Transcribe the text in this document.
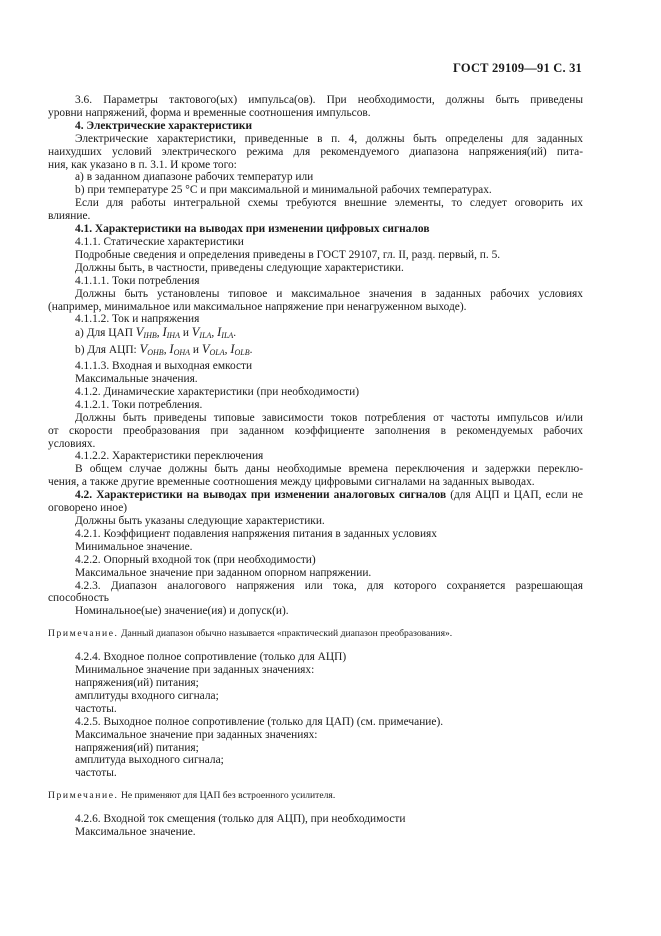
ГОСТ 29109—91 С. 31

3.6. Параметры тактового(ых) импульса(ов). При необходимости, должны быть приведены

уровни напряжений, форма и временные соотношения импульсов.

4. Электрические характеристики

Электрические характеристики, приведенные в п. 4, должны быть определены для заданных

наихудших условий электрического режима для рекомендуемого диапазона напряжения(ий) пита-

ния, как указано в п. 3.1. И кроме того:

a) в заданном диапазоне рабочих температур или

b) при температуре 25 °C и при максимальной и минимальной рабочих температурах.

Если для работы интегральной схемы требуются внешние элементы, то следует оговорить их

влияние.

4.1. Характеристики на выводах при изменении цифровых сигналов

4.1.1. Статические характеристики

Подробные сведения и определения приведены в ГОСТ 29107, гл. II, разд. первый, п. 5.

Должны быть, в частности, приведены следующие характеристики.

4.1.1.1. Токи потребления

Должны быть установлены типовое и максимальное значения в заданных рабочих условиях

(например, минимальное или максимальное напряжение при ненагруженном выходе).

4.1.1.2. Ток и напряжения

a) Для ЦАП $V_{IHB}$, $I_{IHA}$ и $V_{ILA}$, $I_{ILA}$.

b) Для АЦП: $V_{OHB}$, $I_{OHA}$ и $V_{OLA}$, $I_{OLB}$.

4.1.1.3. Входная и выходная емкости

Максимальные значения.

4.1.2. Динамические характеристики (при необходимости)

4.1.2.1. Токи потребления.

Должны быть приведены типовые зависимости токов потребления от частоты импульсов и/или

от скорости преобразования при заданном коэффициенте заполнения в рекомендуемых рабочих

условиях.

4.1.2.2. Характеристики переключения

В общем случае должны быть даны необходимые времена переключения и задержки переклю-

чения, а также другие временные соотношения между цифровыми сигналами на заданных выводах.

4.2. Характеристики на выводах при изменении аналоговых сигналов (для АЦП и ЦАП, если не

оговорено иное)

Должны быть указаны следующие характеристики.

4.2.1. Коэффициент подавления напряжения питания в заданных условиях

Минимальное значение.

4.2.2. Опорный входной ток (при необходимости)

Максимальное значение при заданном опорном напряжении.

4.2.3. Диапазон аналогового напряжения или тока, для которого сохраняется разрешающая

способность

Номинальное(ые) значение(ия) и допуск(и).

Примечание. Данный диапазон обычно называется «практический диапазон преобразования».

4.2.4. Входное полное сопротивление (только для АЦП)

Минимальное значение при заданных значениях:

напряжения(ий) питания;

амплитуды входного сигнала;

частоты.

4.2.5. Выходное полное сопротивление (только для ЦАП) (см. примечание).

Максимальное значение при заданных значениях:

напряжения(ий) питания;

амплитуда выходного сигнала;

частоты.

Примечание. Не применяют для ЦАП без встроенного усилителя.

4.2.6. Входной ток смещения (только для АЦП), при необходимости

Максимальное значение.
